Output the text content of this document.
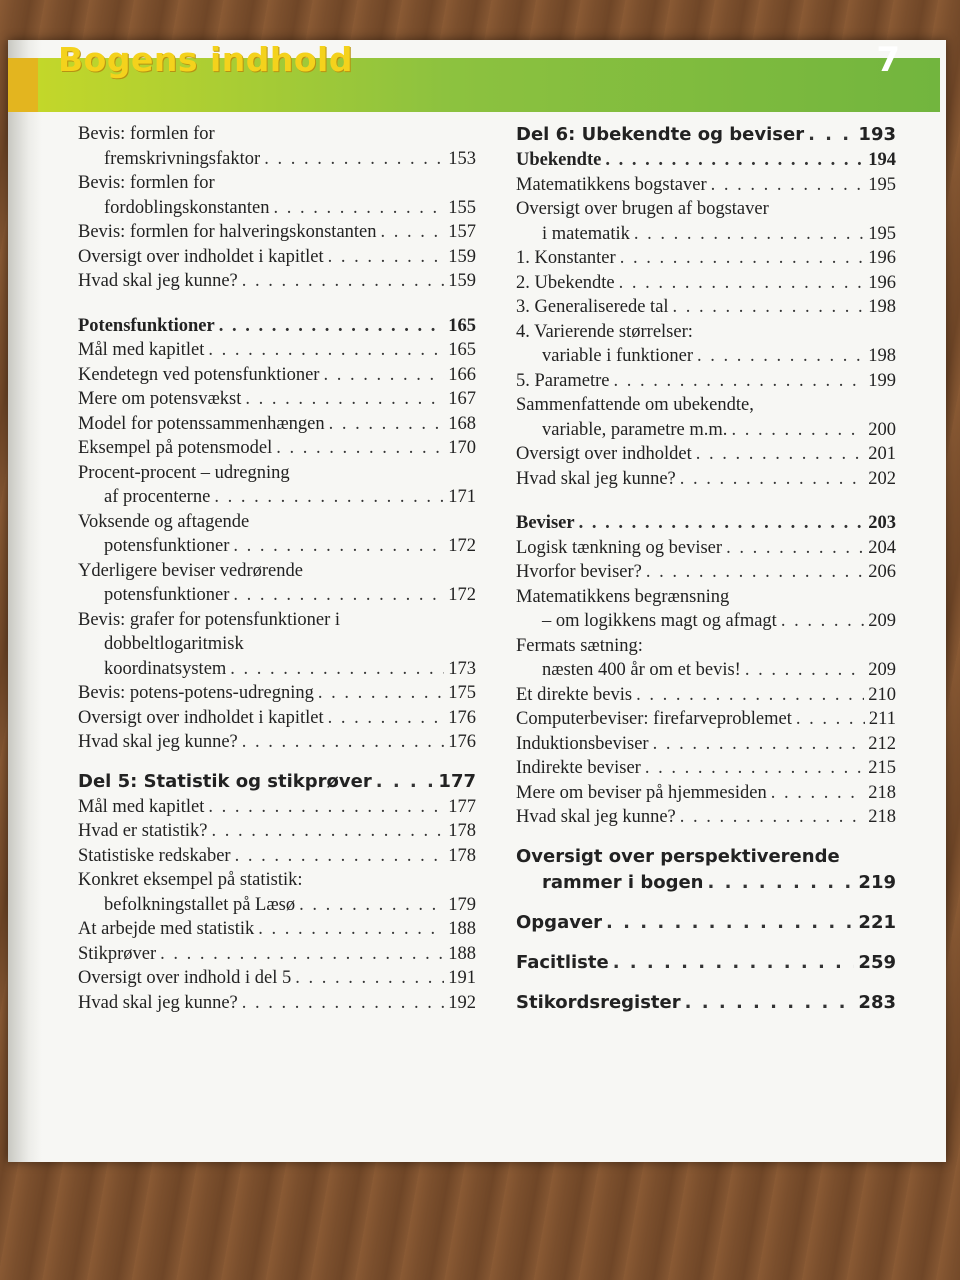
Bogens indhold	7
Bevis: formlen for
fremskrivningsfaktor . . .	153
Bevis: formlen for
fordoblingskonstanten . . .	155
Bevis: formlen for halveringskonstanten . . .	157
Oversigt over indholdet i kapitlet . . .	159
Hvad skal jeg kunne? . . .	159
Potensfunktioner . . .	165
Mål med kapitlet . . .	165
Kendetegn ved potensfunktioner . . .	166
Mere om potensvækst . . .	167
Model for potenssammenhængen . . .	168
Eksempel på potensmodel . . .	170
Procent-procent – udregning
af procenterne . . .	171
Voksende og aftagende
potensfunktioner . . .	172
Yderligere beviser vedrørende
potensfunktioner . . .	172
Bevis: grafer for potensfunktioner i
dobbeltlogaritmisk
koordinatsystem . . .	173
Bevis: potens-potens-udregning . . .	175
Oversigt over indholdet i kapitlet . . .	176
Hvad skal jeg kunne? . . .	176
Del 5: Statistik og stikprøver . . .	177
Mål med kapitlet . . .	177
Hvad er statistik? . . .	178
Statistiske redskaber . . .	178
Konkret eksempel på statistik:
befolkningstallet på Læsø . . .	179
At arbejde med statistik . . .	188
Stikprøver . . .	188
Oversigt over indhold i del 5 . . .	191
Hvad skal jeg kunne? . . .	192
Del 6: Ubekendte og beviser . . .	193
Ubekendte . . .	194
Matematikkens bogstaver . . .	195
Oversigt over brugen af bogstaver
i matematik . . .	195
1. Konstanter . . .	196
2. Ubekendte . . .	196
3. Generaliserede tal . . .	198
4. Varierende størrelser:
variable i funktioner . . .	198
5. Parametre . . .	199
Sammenfattende om ubekendte,
variable, parametre m.m. . . .	200
Oversigt over indholdet . . .	201
Hvad skal jeg kunne? . . .	202
Beviser . . .	203
Logisk tænkning og beviser . . .	204
Hvorfor beviser? . . .	206
Matematikkens begrænsning
– om logikkens magt og afmagt . . .	209
Fermats sætning:
næsten 400 år om et bevis! . . .	209
Et direkte bevis . . .	210
Computerbeviser: firefarveproblemet . . .	211
Induktionsbeviser . . .	212
Indirekte beviser . . .	215
Mere om beviser på hjemmesiden . . .	218
Hvad skal jeg kunne? . . .	218
Oversigt over perspektiverende
rammer i bogen . . .	219
Opgaver . . .	221
Facitliste . . .	259
Stikordsregister . . .	283
